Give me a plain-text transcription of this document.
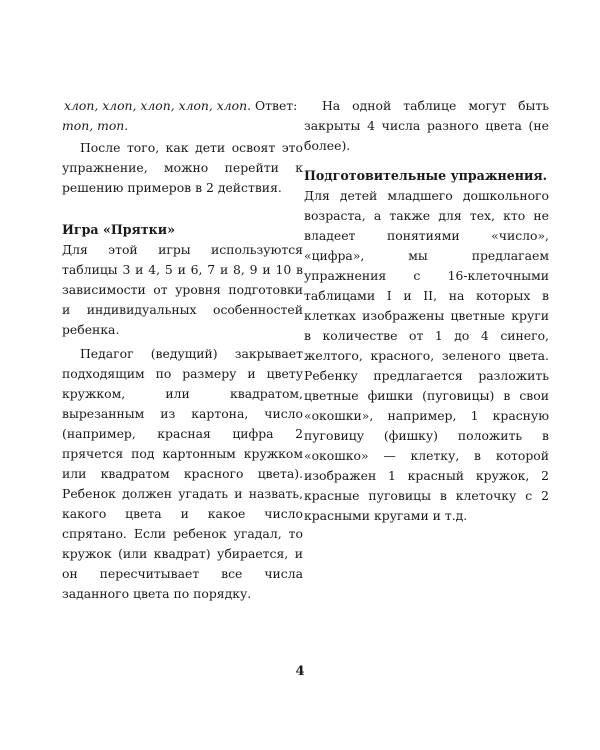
хлоп, хлоп, хлоп, хлоп, хлоп. Ответ:

топ, топ.

После того, как дети освоят это упражнение, можно перейти к решению примеров в 2 действия.

Игра «Прятки»

Для этой игры используются таблицы 3 и 4, 5 и 6, 7 и 8, 9 и 10 в зависимости от уровня подготовки и индивидуальных особенностей ребенка.

Педагог (ведущий) закрывает подходящим по размеру и цвету кружком, или квадратом, вырезанным из картона, число (например, красная цифра 2 прячется под картонным кружком или квадратом красного цвета). Ребенок должен угадать и назвать, какого цвета и какое число спрятано. Если ребенок угадал, то кружок (или квадрат) убирается, и он пересчитывает все числа заданного цвета по порядку.

На одной таблице могут быть закрыты 4 числа разного цвета (не более).

Подготовительные упражнения.

Для детей младшего дошкольного возраста, а также для тех, кто не владеет понятиями «число», «цифра», мы предлагаем упражнения с 16-клеточными таблицами I и II, на которых в клетках изображены цветные круги в количестве от 1 до 4 синего, желтого, красного, зеленого цвета. Ребенку предлагается разложить цветные фишки (пуговицы) в свои «окошки», например, 1 красную пуговицу (фишку) положить в «окошко» — клетку, в которой изображен 1 красный кружок, 2 красные пуговицы в клеточку с 2 красными кругами и т.д.

4
